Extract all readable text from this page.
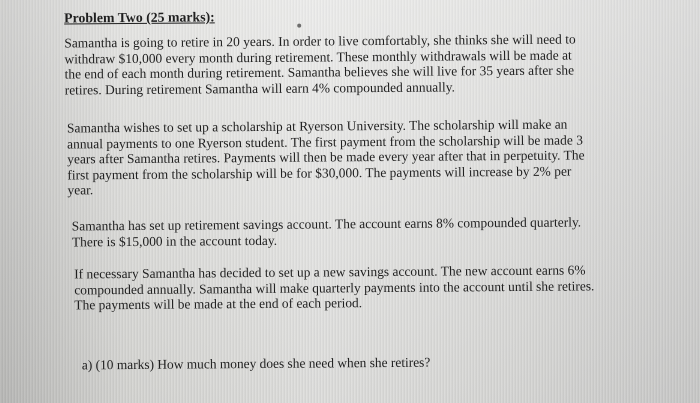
Problem Two (25 marks):
Samantha is going to retire in 20 years. In order to live comfortably, she thinks she will need to
withdraw $10,000 every month during retirement. These monthly withdrawals will be made at
the end of each month during retirement. Samantha believes she will live for 35 years after she
retires. During retirement Samantha will earn 4% compounded annually.
Samantha wishes to set up a scholarship at Ryerson University. The scholarship will make an
annual payments to one Ryerson student. The first payment from the scholarship will be made 3
years after Samantha retires. Payments will then be made every year after that in perpetuity. The
first payment from the scholarship will be for $30,000. The payments will increase by 2% per
year.
Samantha has set up retirement savings account. The account earns 8% compounded quarterly.
There is $15,000 in the account today.
If necessary Samantha has decided to set up a new savings account. The new account earns 6%
compounded annually. Samantha will make quarterly payments into the account until she retires.
The payments will be made at the end of each period.
a) (10 marks) How much money does she need when she retires?
